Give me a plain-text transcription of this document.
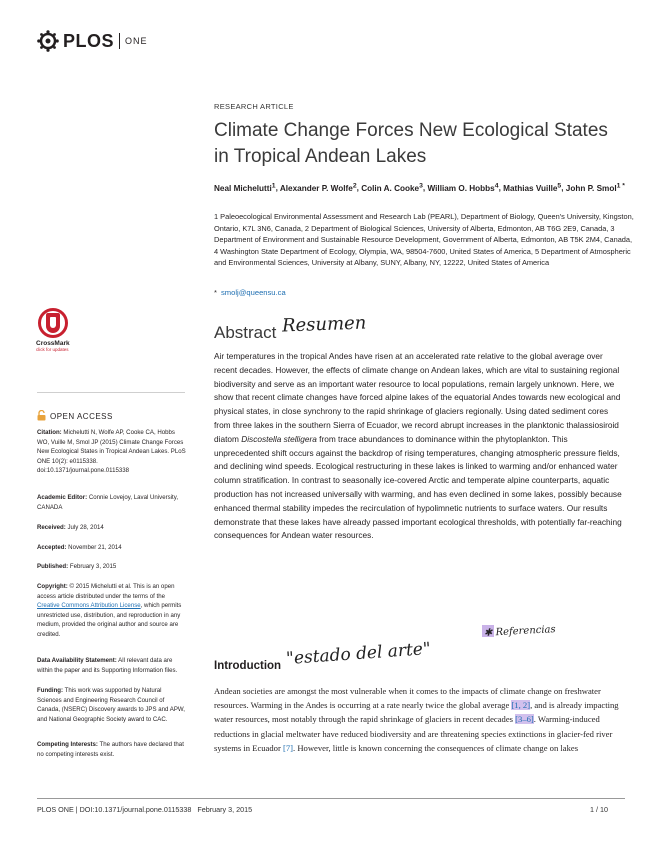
PLOS ONE
RESEARCH ARTICLE
Climate Change Forces New Ecological States in Tropical Andean Lakes
Neal Michelutti$^1$, Alexander P. Wolfe$^2$, Colin A. Cooke$^3$, William O. Hobbs$^4$, Mathias Vuille$^5$, John P. Smol$^{1 *}$
1 Paleoecological Environmental Assessment and Research Lab (PEARL), Department of Biology, Queen's University, Kingston, Ontario, K7L 3N6, Canada, 2 Department of Biological Sciences, University of Alberta, Edmonton, AB T6G 2E9, Canada, 3 Department of Environment and Sustainable Resource Development, Government of Alberta, Edmonton, AB T5K 2M4, Canada, 4 Washington State Department of Ecology, Olympia, WA, 98504-7600, United States of America, 5 Department of Atmospheric and Environmental Sciences, University at Albany, SUNY, Albany, NY, 12222, United States of America
* smolj@queensu.ca
Abstract Resumen
Air temperatures in the tropical Andes have risen at an accelerated rate relative to the global average over recent decades. However, the effects of climate change on Andean lakes, which are vital to sustaining regional biodiversity and serve as an important water resource to local populations, remain largely unknown. Here, we show that recent climate changes have forced alpine lakes of the equatorial Andes towards new ecological and physical states, in close synchrony to the rapid shrinkage of glaciers regionally. Using dated sediment cores from three lakes in the southern Sierra of Ecuador, we record abrupt increases in the planktonic thalassiosiroid diatom Discostella stelligera from trace abundances to dominance within the phytoplankton. This unprecedented shift occurs against the backdrop of rising temperatures, changing atmospheric pressure fields, and declining wind speeds. Ecological restructuring in these lakes is linked to warming and/or enhanced water column stratification. In contrast to seasonally ice-covered Arctic and temperate alpine counterparts, aquatic production has not increased universally with warming, and has even declined in some lakes, possibly because enhanced thermal stability impedes the recirculation of hypolimnetic nutrients to surface waters. Our results demonstrate that these lakes have already passed important ecological thresholds, with potentially far-reaching consequences for Andean water resources.
✱ Referencias
Introduction "estado del arte"
Andean societies are amongst the most vulnerable when it comes to the impacts of climate change on freshwater resources. Warming in the Andes is occurring at a rate nearly twice the global average [1, 2], and is already impacting water resources, most notably through the rapid shrinkage of glaciers in recent decades [3–6]. Warming-induced reductions in glacial meltwater have reduced biodiversity and are threatening species extinctions in glacier-fed river systems in Ecuador [7]. However, little is known concerning the consequences of climate change on lakes
CrossMark
click for updates
OPEN ACCESS
Citation: Michelutti N, Wolfe AP, Cooke CA, Hobbs WO, Vuille M, Smol JP (2015) Climate Change Forces New Ecological States in Tropical Andean Lakes. PLoS ONE 10(2): e0115338. doi:10.1371/journal.pone.0115338
Academic Editor: Connie Lovejoy, Laval University, CANADA
Received: July 28, 2014
Accepted: November 21, 2014
Published: February 3, 2015
Copyright: © 2015 Michelutti et al. This is an open access article distributed under the terms of the Creative Commons Attribution License, which permits unrestricted use, distribution, and reproduction in any medium, provided the original author and source are credited.
Data Availability Statement: All relevant data are within the paper and its Supporting Information files.
Funding: This work was supported by Natural Sciences and Engineering Research Council of Canada, (NSERC) Discovery awards to JPS and APW, and National Geographic Society award to CAC.
Competing Interests: The authors have declared that no competing interests exist.
PLOS ONE | DOI:10.1371/journal.pone.0115338   February 3, 2015	1 / 10
